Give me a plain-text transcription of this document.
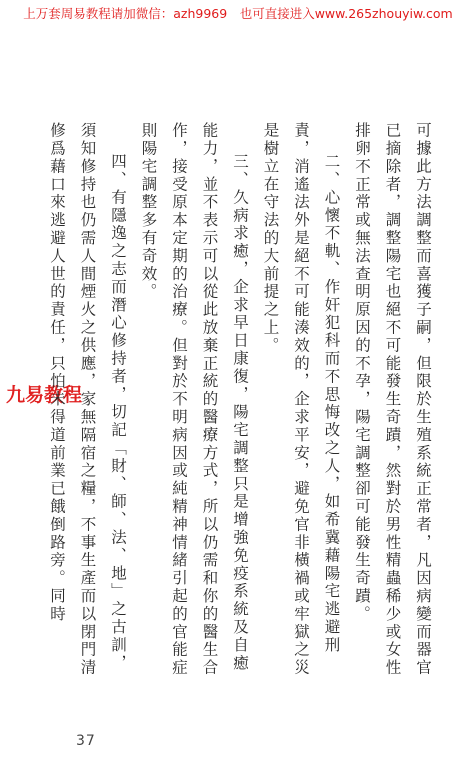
上万套周易教程请加微信：azh9969　也可直接进入www.265zhouyiw.com
九易教程	可據此方法調整而喜獲子嗣，但限於生殖系統正常者，凡因病變而器官已摘除者，調整陽宅也絕不可能發生奇蹟，然對於男性精蟲稀少或女性排卵不正常或無法查明原因的不孕，陽宅調整卻可能發生奇蹟。

二、心懷不軌、作奸犯科而不思悔改之人，如希冀藉陽宅逃避刑責，消遙法外是絕不可能湊效的，企求平安，避免官非橫禍或牢獄之災是樹立在守法的大前提之上。

三、久病求癒，企求早日康復，陽宅調整只是增強免疫系統及自癒能力，並不表示可以從此放棄正統的醫療方式，所以仍需和你的醫生合作，接受原本定期的治療。但對於不明病因或純精神情緒引起的官能症則陽宅調整多有奇效。

四、有隱逸之志而潛心修持者，切記「財、師、法、地」之古訓，須知修持也仍需人間煙火之供應，家無隔宿之糧，不事生產而以閉門清修爲藉口來逃避人世的責任，只怕未得道前業已餓倒路旁。同時

37
